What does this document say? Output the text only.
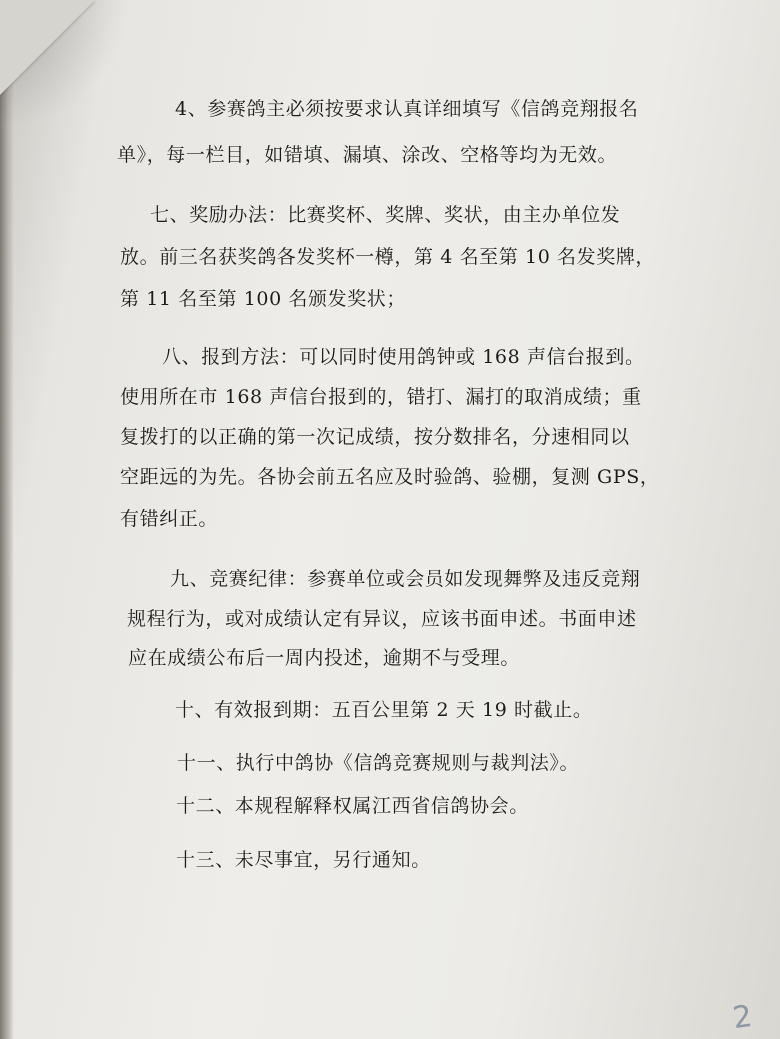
4、参赛鸽主必须按要求认真详细填写《信鸽竞翔报名
单》，每一栏目，如错填、漏填、涂改、空格等均为无效。
七、奖励办法：比赛奖杯、奖牌、奖状，由主办单位发
放。前三名获奖鸽各发奖杯一樽，第 4 名至第 10 名发奖牌，
第 11 名至第 100 名颁发奖状；
八、报到方法：可以同时使用鸽钟或 168 声信台报到。
使用所在市 168 声信台报到的，错打、漏打的取消成绩；重
复拨打的以正确的第一次记成绩，按分数排名，分速相同以
空距远的为先。各协会前五名应及时验鸽、验棚，复测 GPS，
有错纠正。
九、竞赛纪律：参赛单位或会员如发现舞弊及违反竞翔
规程行为，或对成绩认定有异议，应该书面申述。书面申述
应在成绩公布后一周内投述，逾期不与受理。
十、有效报到期：五百公里第 2 天 19 时截止。
十一、执行中鸽协《信鸽竞赛规则与裁判法》。
十二、本规程解释权属江西省信鸽协会。
十三、未尽事宜，另行通知。
2
